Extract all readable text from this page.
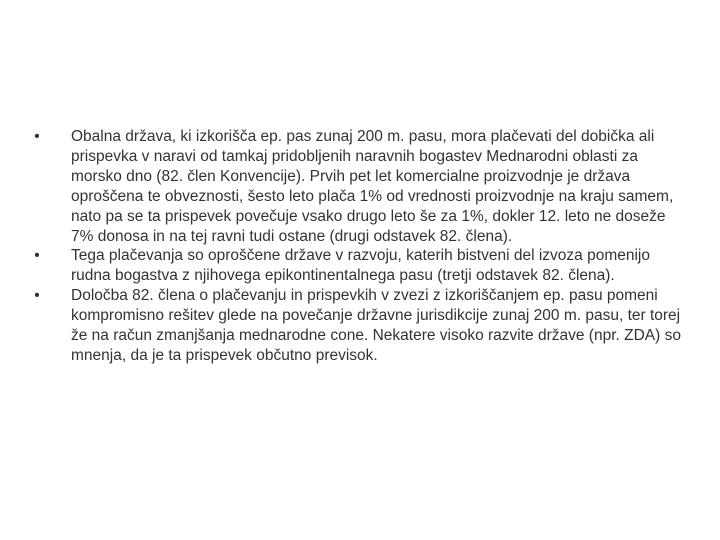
• Obalna država, ki izkorišča ep. pas zunaj 200 m. pasu, mora plačevati del dobička ali prispevka v naravi od tamkaj pridobljenih naravnih bogastev Mednarodni oblasti za morsko dno (82. člen Konvencije). Prvih pet let komercialne proizvodnje je država oproščena te obveznosti, šesto leto plača 1% od vrednosti proizvodnje na kraju samem, nato pa se ta prispevek povečuje vsako drugo leto še za 1%, dokler 12. leto ne doseže 7% donosa in na tej ravni tudi ostane (drugi odstavek 82. člena).
• Tega plačevanja so oproščene države v razvoju, katerih bistveni del izvoza pomenijo rudna bogastva z njihovega epikontinentalnega pasu (tretji odstavek 82. člena).
• Določba 82. člena o plačevanju in prispevkih v zvezi z izkoriščanjem ep. pasu pomeni kompromisno rešitev glede na povečanje državne jurisdikcije zunaj 200 m. pasu, ter torej že na račun zmanjšanja mednarodne cone. Nekatere visoko razvite države (npr. ZDA) so mnenja, da je ta prispevek občutno previsok.
